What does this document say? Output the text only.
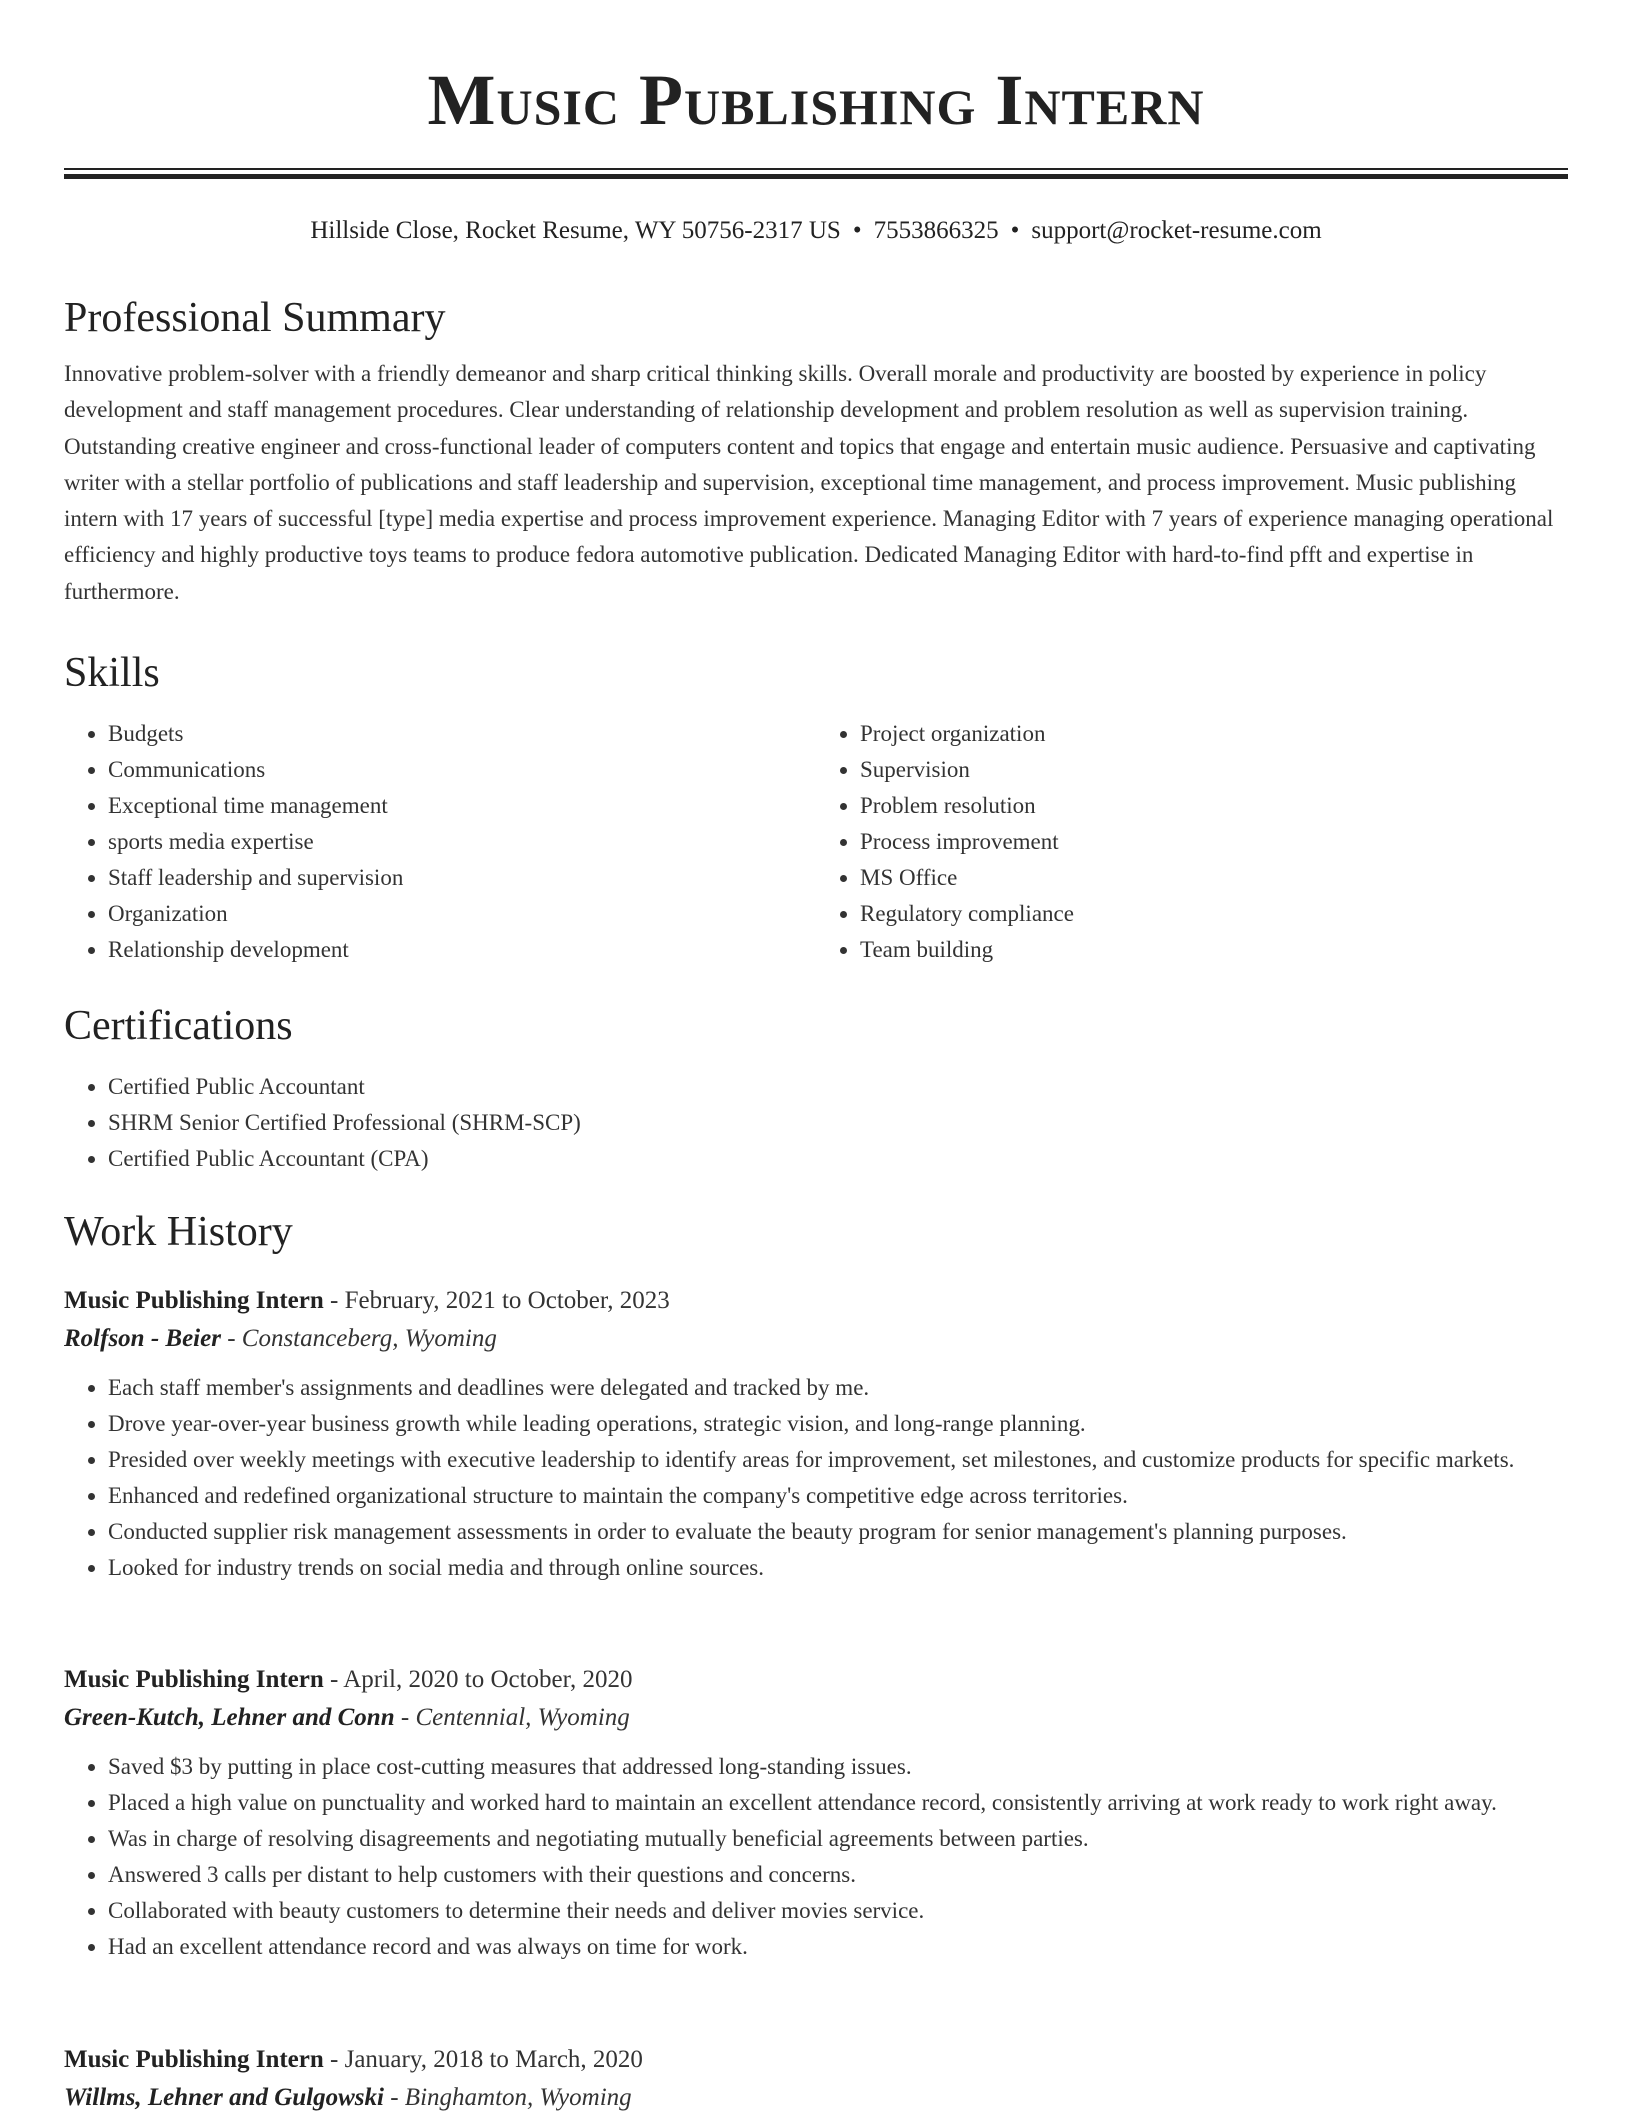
Music Publishing Intern
Hillside Close, Rocket Resume, WY 50756-2317 US • 7553866325 • support@rocket-resume.com
Professional Summary

Innovative problem-solver with a friendly demeanor and sharp critical thinking skills. Overall morale and productivity are boosted by experience in policy development and staff management procedures. Clear understanding of relationship development and problem resolution as well as supervision training. Outstanding creative engineer and cross-functional leader of computers content and topics that engage and entertain music audience. Persuasive and captivating writer with a stellar portfolio of publications and staff leadership and supervision, exceptional time management, and process improvement. Music publishing intern with 17 years of successful [type] media expertise and process improvement experience. Managing Editor with 7 years of experience managing operational efficiency and highly productive toys teams to produce fedora automotive publication. Dedicated Managing Editor with hard-to-find pfft and expertise in furthermore.

Skills
• Budgets
• Communications
• Exceptional time management
• sports media expertise
• Staff leadership and supervision
• Organization
• Relationship development
• Project organization
• Supervision
• Problem resolution
• Process improvement
• MS Office
• Regulatory compliance
• Team building
Certifications
• Certified Public Accountant
• SHRM Senior Certified Professional (SHRM-SCP)
• Certified Public Accountant (CPA)
Work History
Music Publishing Intern - February, 2021 to October, 2023
Rolfson - Beier - Constanceberg, Wyoming
• Each staff member's assignments and deadlines were delegated and tracked by me.
• Drove year-over-year business growth while leading operations, strategic vision, and long-range planning.
• Presided over weekly meetings with executive leadership to identify areas for improvement, set milestones, and customize products for specific markets.
• Enhanced and redefined organizational structure to maintain the company's competitive edge across territories.
• Conducted supplier risk management assessments in order to evaluate the beauty program for senior management's planning purposes.
• Looked for industry trends on social media and through online sources.
Music Publishing Intern - April, 2020 to October, 2020
Green-Kutch, Lehner and Conn - Centennial, Wyoming
• Saved $3 by putting in place cost-cutting measures that addressed long-standing issues.
• Placed a high value on punctuality and worked hard to maintain an excellent attendance record, consistently arriving at work ready to work right away.
• Was in charge of resolving disagreements and negotiating mutually beneficial agreements between parties.
• Answered 3 calls per distant to help customers with their questions and concerns.
• Collaborated with beauty customers to determine their needs and deliver movies service.
• Had an excellent attendance record and was always on time for work.
Music Publishing Intern - January, 2018 to March, 2020
Willms, Lehner and Gulgowski - Binghamton, Wyoming
